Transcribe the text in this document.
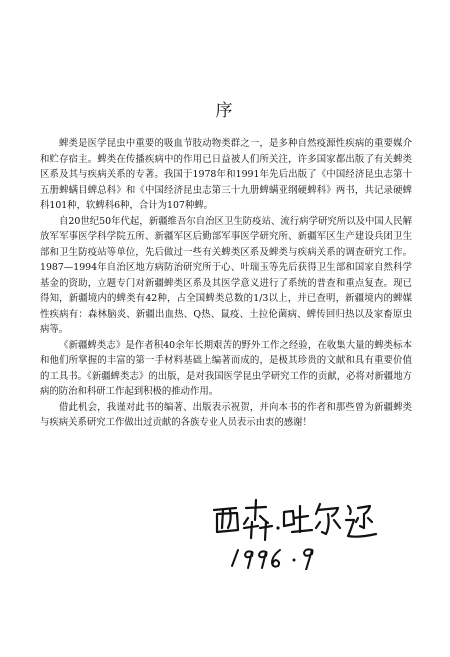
序

蜱类是医学昆虫中重要的吸血节肢动物类群之一，是多种自然疫源性疾病的重要媒介和贮存宿主。蜱类在传播疾病中的作用已日益被人们所关注，许多国家都出版了有关蜱类区系及其与疾病关系的专著。我国于1978年和1991年先后出版了《中国经济昆虫志第十五册蜱螨目蜱总科》和《中国经济昆虫志第三十九册蜱螨亚纲硬蜱科》两书，共记录硬蜱科101种，软蜱科6种，合计为107种蜱。

自20世纪50年代起，新疆维吾尔自治区卫生防疫站、流行病学研究所以及中国人民解放军军事医学科学院五所、新疆军区后勤部军事医学研究所、新疆军区生产建设兵团卫生部和卫生防疫站等单位，先后做过一些有关蜱类区系及蜱类与疾病关系的调查研究工作。1987—1994年自治区地方病防治研究所于心、叶瑞玉等先后获得卫生部和国家自然科学基金的资助，立题专门对新疆蜱类区系及其医学意义进行了系统的普查和重点复查。现已得知，新疆境内的蜱类有42种，占全国蜱类总数的1/3以上，并已查明，新疆境内的蜱媒性疾病有：森林脑炎、新疆出血热、Q热、鼠疫、土拉伦菌病、蜱传回归热以及家畜原虫病等。

《新疆蜱类志》是作者积40余年长期艰苦的野外工作之经验，在收集大量的蜱类标本和他们所掌握的丰富的第一手材料基础上编著而成的，是极其珍贵的文献和具有重要价值的工具书。《新疆蜱类志》的出版，是对我国医学昆虫学研究工作的贡献，必将对新疆地方病的防治和科研工作起到积极的推动作用。

借此机会，我谨对此书的编著、出版表示祝贺，并向本书的作者和那些曾为新疆蜱类与疾病关系研究工作做出过贡献的各族专业人员表示由衷的感谢！
